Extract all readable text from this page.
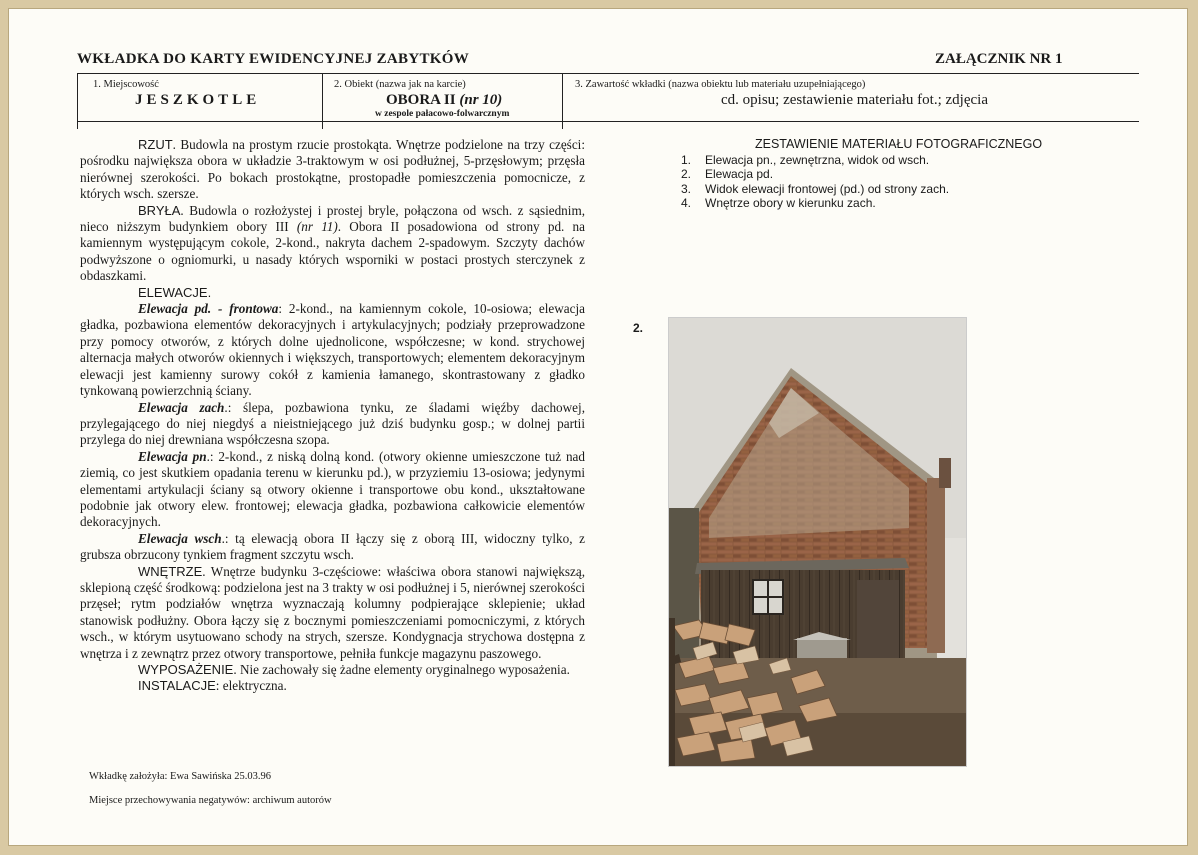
WKŁADKA DO KARTY EWIDENCYJNEJ ZABYTKÓW	ZAŁĄCZNIK NR 1
1. Miejscowość
JESZKOTLE
2. Obiekt (nazwa jak na karcie)
OBORA II (nr 10)
w zespole pałacowo-folwarcznym
3. Zawartość wkładki (nazwa obiektu lub materiału uzupełniającego)
cd. opisu; zestawienie materiału fot.; zdjęcia

RZUT. Budowla na prostym rzucie prostokąta. Wnętrze podzielone na trzy części: pośrodku największa obora w układzie 3-traktowym w osi podłużnej, 5-przęsłowym; przęsła nierównej szerokości. Po bokach prostokątne, prostopadłe pomieszczenia pomocnicze, z których wsch. szersze.

BRYŁA. Budowla o rozłożystej i prostej bryle, połączona od wsch. z sąsiednim, nieco niższym budynkiem obory III (nr 11). Obora II posadowiona od strony pd. na kamiennym występującym cokole, 2-kond., nakryta dachem 2-spadowym. Szczyty dachów podwyższone o ogniomurki, u nasady których wsporniki w postaci prostych sterczynek z obdaszkami.

ELEWACJE.

Elewacja pd. - frontowa: 2-kond., na kamiennym cokole, 10-osiowa; elewacja gładka, pozbawiona elementów dekoracyjnych i artykulacyjnych; podziały przeprowadzone przy pomocy otworów, z których dolne ujednolicone, współczesne; w kond. strychowej alternacja małych otworów okiennych i większych, transportowych; elementem dekoracyjnym elewacji jest kamienny surowy cokół z kamienia łamanego, skontrastowany z gładko tynkowaną powierzchnią ściany.

Elewacja zach.: ślepa, pozbawiona tynku, ze śladami więźby dachowej, przylegającego do niej niegdyś a nieistniejącego już dziś budynku gosp.; w dolnej partii przylega do niej drewniana współczesna szopa.

Elewacja pn.: 2-kond., z niską dolną kond. (otwory okienne umieszczone tuż nad ziemią, co jest skutkiem opadania terenu w kierunku pd.), w przyziemiu 13-osiowa; jedynymi elementami artykulacji ściany są otwory okienne i transportowe obu kond., ukształtowane podobnie jak otwory elew. frontowej; elewacja gładka, pozbawiona całkowicie elementów dekoracyjnych.

Elewacja wsch.: tą elewacją obora II łączy się z oborą III, widoczny tylko, z grubsza obrzucony tynkiem fragment szczytu wsch.

WNĘTRZE. Wnętrze budynku 3-częściowe: właściwa obora stanowi największą, sklepioną część środkową: podzielona jest na 3 trakty w osi podłużnej i 5, nierównej szerokości przęseł; rytm podziałów wnętrza wyznaczają kolumny podpierające sklepienie; układ stanowisk podłużny. Obora łączy się z bocznymi pomieszczeniami pomocniczymi, z których wsch., w którym usytuowano schody na strych, szersze. Kondygnacja strychowa dostępna z wnętrza i z zewnątrz przez otwory transportowe, pełniła funkcje magazynu paszowego.

WYPOSAŻENIE. Nie zachowały się żadne elementy oryginalnego wyposażenia.

INSTALACJE: elektryczna.

ZESTAWIENIE MATERIAŁU FOTOGRAFICZNEGO
1. Elewacja pn., zewnętrzna, widok od wsch.
2. Elewacja pd.
3. Widok elewacji frontowej (pd.) od strony zach.
4. Wnętrze obory w kierunku zach.
2.
Wkładkę założyła: Ewa Sawińska 25.03.96
Miejsce przechowywania negatywów: archiwum autorów
